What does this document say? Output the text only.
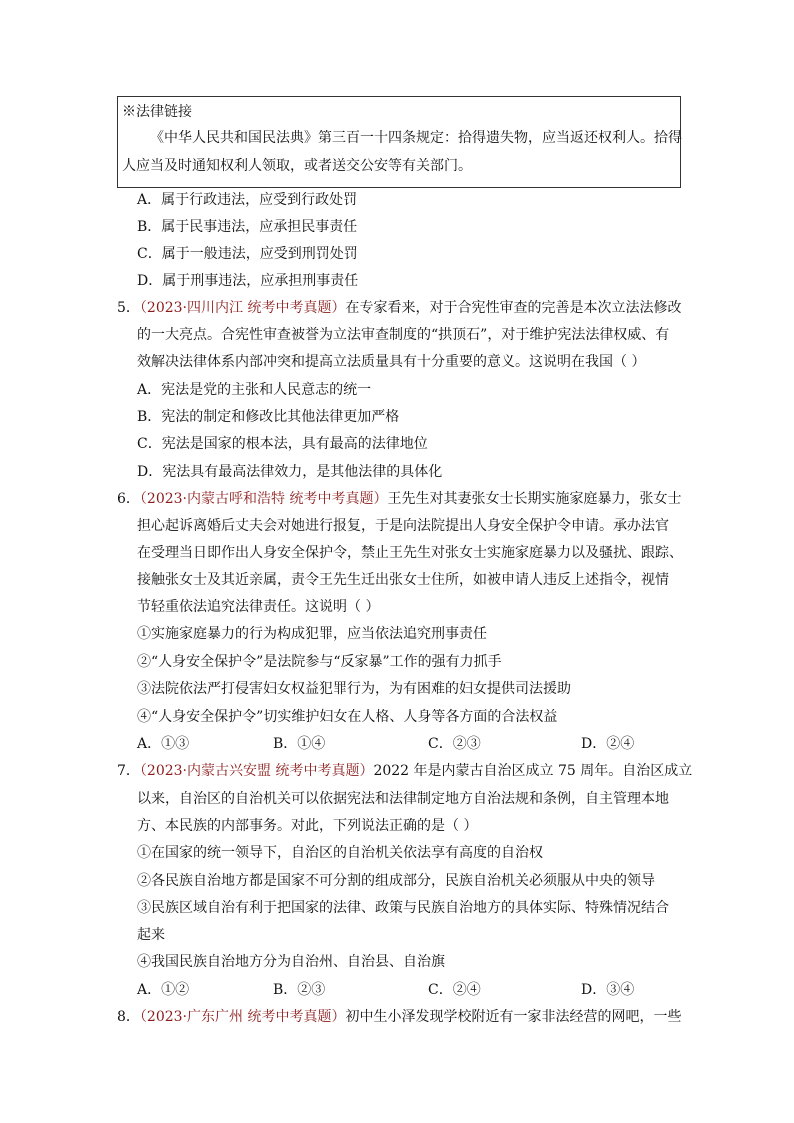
※法律链接
《中华人民共和国民法典》第三百一十四条规定：拾得遗失物，应当返还权利人。拾得
人应当及时通知权利人领取，或者送交公安等有关部门。
A．属于行政违法，应受到行政处罚
B．属于民事违法，应承担民事责任
C．属于一般违法，应受到刑罚处罚
D．属于刑事违法，应承担刑事责任
5．（2023·四川内江 统考中考真题）在专家看来，对于合宪性审查的完善是本次立法法修改
的一大亮点。合宪性审查被誉为立法审查制度的“拱顶石”，对于维护宪法法律权威、有
效解决法律体系内部冲突和提高立法质量具有十分重要的意义。这说明在我国（ ）
A．宪法是党的主张和人民意志的统一
B．宪法的制定和修改比其他法律更加严格
C．宪法是国家的根本法，具有最高的法律地位
D．宪法具有最高法律效力，是其他法律的具体化
6．（2023·内蒙古呼和浩特 统考中考真题）王先生对其妻张女士长期实施家庭暴力，张女士
担心起诉离婚后丈夫会对她进行报复，于是向法院提出人身安全保护令申请。承办法官
在受理当日即作出人身安全保护令，禁止王先生对张女士实施家庭暴力以及骚扰、跟踪、
接触张女士及其近亲属，责令王先生迁出张女士住所，如被申请人违反上述指令，视情
节轻重依法追究法律责任。这说明（ ）
①实施家庭暴力的行为构成犯罪，应当依法追究刑事责任
②“人身安全保护令”是法院参与“反家暴”工作的强有力抓手
③法院依法严打侵害妇女权益犯罪行为，为有困难的妇女提供司法援助
④“人身安全保护令”切实维护妇女在人格、人身等各方面的合法权益
A．①③	B．①④	C．②③	D．②④
7．（2023·内蒙古兴安盟 统考中考真题）2022 年是内蒙古自治区成立 75 周年。自治区成立
以来，自治区的自治机关可以依据宪法和法律制定地方自治法规和条例，自主管理本地
方、本民族的内部事务。对此，下列说法正确的是（ ）
①在国家的统一领导下，自治区的自治机关依法享有高度的自治权
②各民族自治地方都是国家不可分割的组成部分，民族自治机关必须服从中央的领导
③民族区域自治有利于把国家的法律、政策与民族自治地方的具体实际、特殊情况结合
起来
④我国民族自治地方分为自治州、自治县、自治旗
A．①②	B．②③	C．②④	D．③④
8．（2023·广东广州 统考中考真题）初中生小泽发现学校附近有一家非法经营的网吧，一些
